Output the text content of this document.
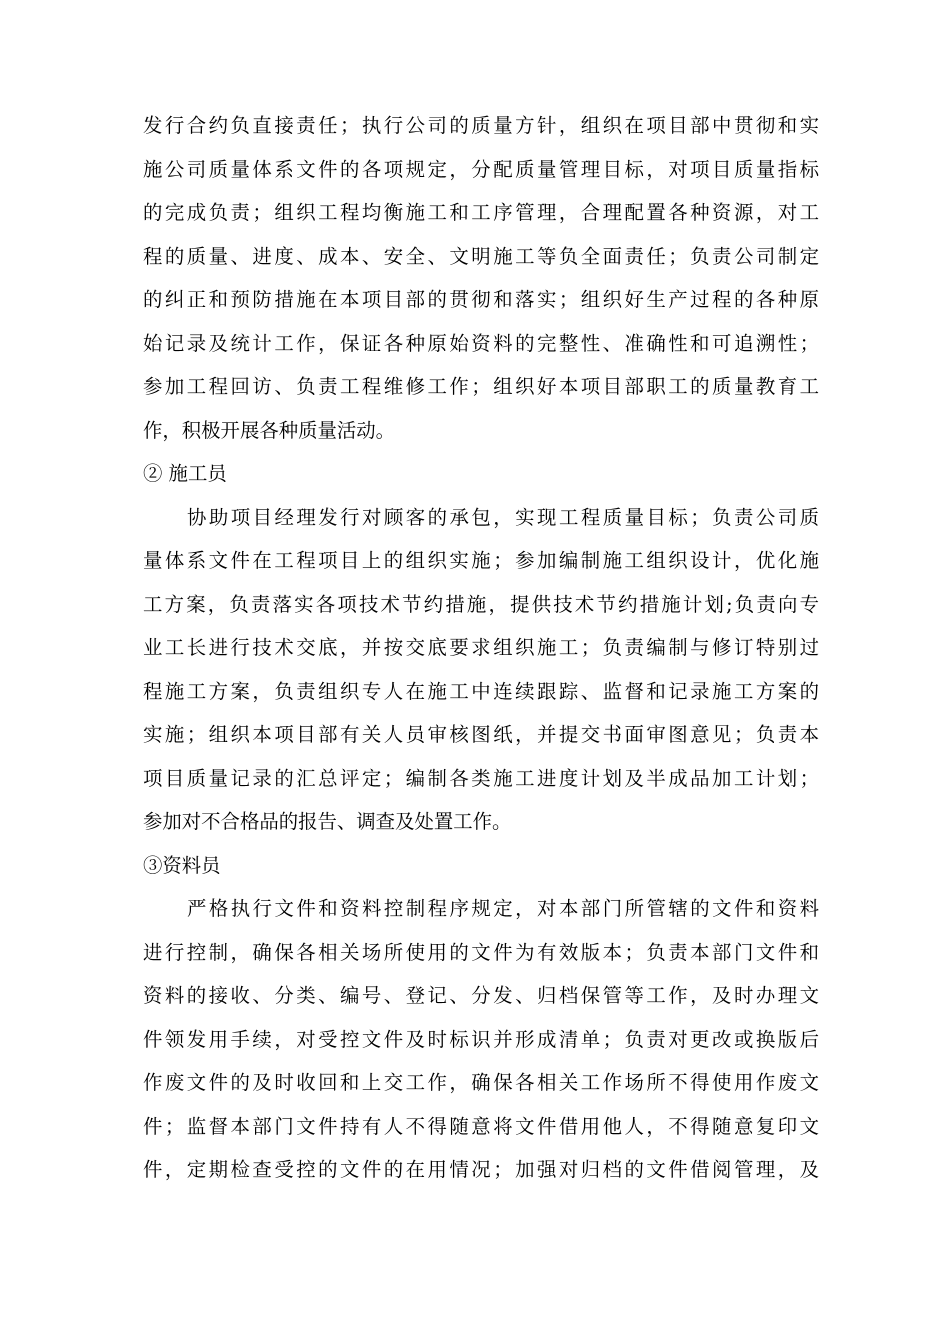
发行合约负直接责任；执行公司的质量方针，组织在项目部中贯彻和实
施公司质量体系文件的各项规定，分配质量管理目标，对项目质量指标
的完成负责；组织工程均衡施工和工序管理，合理配置各种资源，对工
程的质量、进度、成本、安全、文明施工等负全面责任；负责公司制定
的纠正和预防措施在本项目部的贯彻和落实；组织好生产过程的各种原
始记录及统计工作，保证各种原始资料的完整性、准确性和可追溯性；
参加工程回访、负责工程维修工作；组织好本项目部职工的质量教育工
作，积极开展各种质量活动。
② 施工员
协助项目经理发行对顾客的承包，实现工程质量目标；负责公司质
量体系文件在工程项目上的组织实施；参加编制施工组织设计，优化施
工方案，负责落实各项技术节约措施，提供技术节约措施计划;负责向专
业工长进行技术交底，并按交底要求组织施工；负责编制与修订特别过
程施工方案，负责组织专人在施工中连续跟踪、监督和记录施工方案的
实施；组织本项目部有关人员审核图纸，并提交书面审图意见；负责本
项目质量记录的汇总评定；编制各类施工进度计划及半成品加工计划；
参加对不合格品的报告、调查及处置工作。
③资料员
严格执行文件和资料控制程序规定，对本部门所管辖的文件和资料
进行控制，确保各相关场所使用的文件为有效版本；负责本部门文件和
资料的接收、分类、编号、登记、分发、归档保管等工作，及时办理文
件领发用手续，对受控文件及时标识并形成清单；负责对更改或换版后
作废文件的及时收回和上交工作，确保各相关工作场所不得使用作废文
件；监督本部门文件持有人不得随意将文件借用他人，不得随意复印文
件，定期检查受控的文件的在用情况；加强对归档的文件借阅管理，及
